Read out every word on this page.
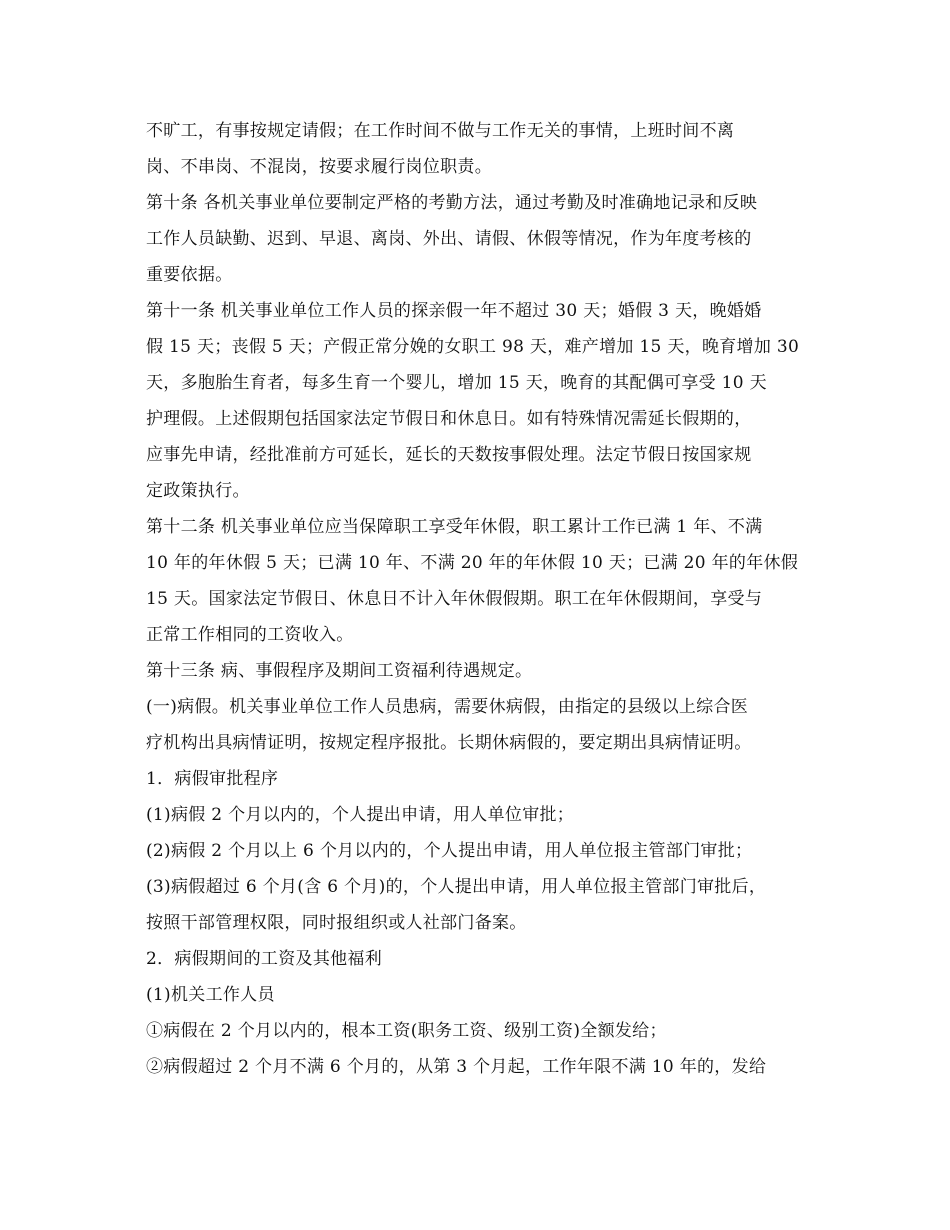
不旷工，有事按规定请假；在工作时间不做与工作无关的事情，上班时间不离
岗、不串岗、不混岗，按要求履行岗位职责。
第十条 各机关事业单位要制定严格的考勤方法，通过考勤及时准确地记录和反映
工作人员缺勤、迟到、早退、离岗、外出、请假、休假等情况，作为年度考核的
重要依据。
第十一条 机关事业单位工作人员的探亲假一年不超过 30 天；婚假 3 天，晚婚婚
假 15 天；丧假 5 天；产假正常分娩的女职工 98 天，难产增加 15 天，晚育增加 30
天，多胞胎生育者，每多生育一个婴儿，增加 15 天，晚育的其配偶可享受 10 天
护理假。上述假期包括国家法定节假日和休息日。如有特殊情况需延长假期的，
应事先申请，经批准前方可延长，延长的天数按事假处理。法定节假日按国家规
定政策执行。
第十二条 机关事业单位应当保障职工享受年休假，职工累计工作已满 1 年、不满
10 年的年休假 5 天；已满 10 年、不满 20 年的年休假 10 天；已满 20 年的年休假
15 天。国家法定节假日、休息日不计入年休假假期。职工在年休假期间，享受与
正常工作相同的工资收入。
第十三条 病、事假程序及期间工资福利待遇规定。
(一)病假。机关事业单位工作人员患病，需要休病假，由指定的县级以上综合医
疗机构出具病情证明，按规定程序报批。长期休病假的，要定期出具病情证明。
1．病假审批程序
(1)病假 2 个月以内的，个人提出申请，用人单位审批；
(2)病假 2 个月以上 6 个月以内的，个人提出申请，用人单位报主管部门审批；
(3)病假超过 6 个月(含 6 个月)的，个人提出申请，用人单位报主管部门审批后，
按照干部管理权限，同时报组织或人社部门备案。
2．病假期间的工资及其他福利
(1)机关工作人员
①病假在 2 个月以内的，根本工资(职务工资、级别工资)全额发给；
②病假超过 2 个月不满 6 个月的，从第 3 个月起，工作年限不满 10 年的，发给
